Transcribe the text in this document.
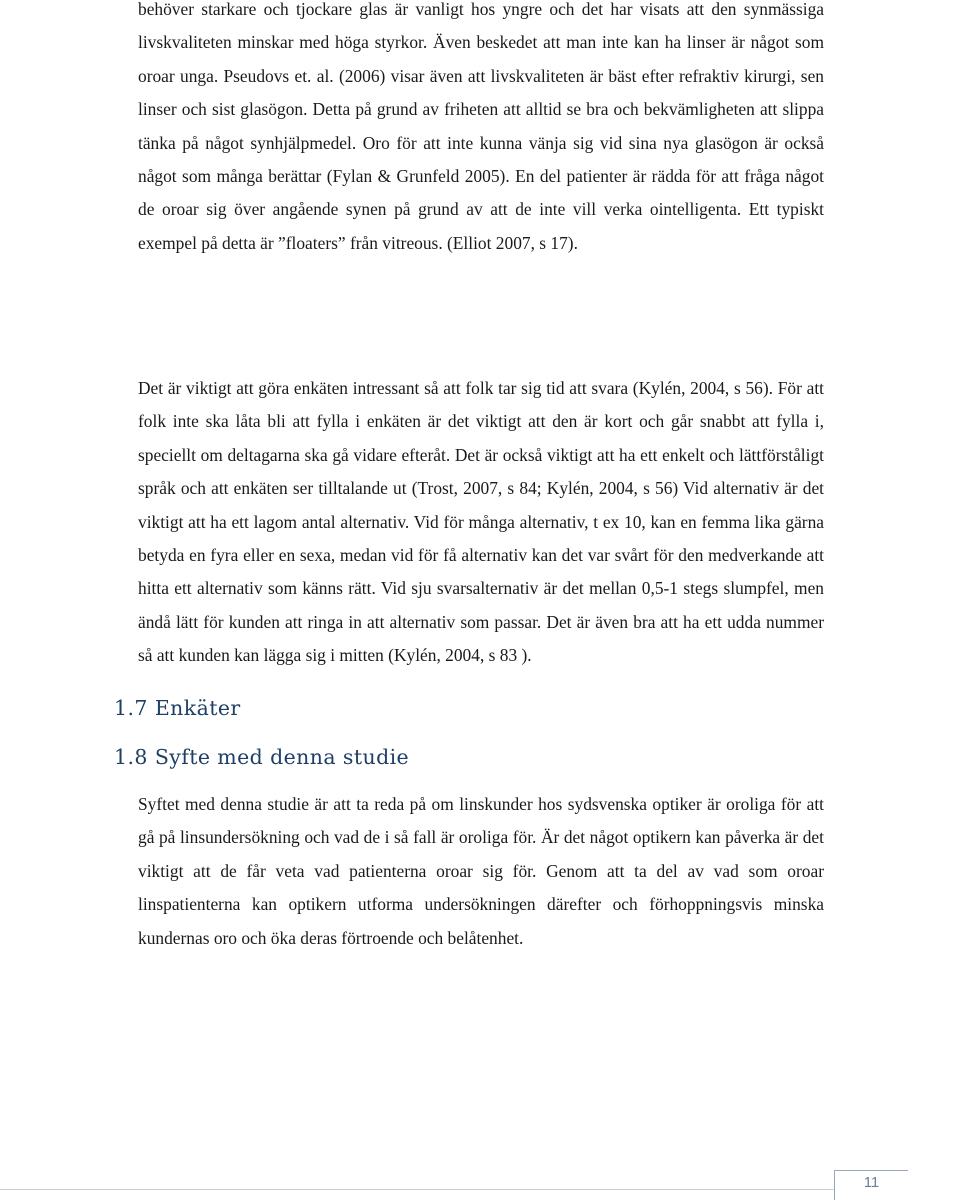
behöver starkare och tjockare glas är vanligt hos yngre och det har visats att den synmässiga livskvaliteten minskar med höga styrkor. Även beskedet att man inte kan ha linser är något som oroar unga. Pseudovs et. al. (2006) visar även att livskvaliteten är bäst efter refraktiv kirurgi, sen linser och sist glasögon. Detta på grund av friheten att alltid se bra och bekvämligheten att slippa tänka på något synhjälpmedel. Oro för att inte kunna vänja sig vid sina nya glasögon är också något som många berättar (Fylan & Grunfeld 2005). En del patienter är rädda för att fråga något de oroar sig över angående synen på grund av att de inte vill verka ointelligenta. Ett typiskt exempel på detta är ”floaters” från vitreous. (Elliot 2007, s 17).

1.7 Enkäter

Det är viktigt att göra enkäten intressant så att folk tar sig tid att svara (Kylén, 2004, s 56). För att folk inte ska låta bli att fylla i enkäten är det viktigt att den är kort och går snabbt att fylla i, speciellt om deltagarna ska gå vidare efteråt. Det är också viktigt att ha ett enkelt och lättförståligt språk och att enkäten ser tilltalande ut (Trost, 2007, s 84; Kylén, 2004, s 56) Vid alternativ är det viktigt att ha ett lagom antal alternativ. Vid för många alternativ, t ex 10, kan en femma lika gärna betyda en fyra eller en sexa, medan vid för få alternativ kan det var svårt för den medverkande att hitta ett alternativ som känns rätt. Vid sju svarsalternativ är det mellan 0,5-1 stegs slumpfel, men ändå lätt för kunden att ringa in att alternativ som passar. Det är även bra att ha ett udda nummer så att kunden kan lägga sig i mitten (Kylén, 2004, s 83 ).

1.8 Syfte med denna studie

Syftet med denna studie är att ta reda på om linskunder hos sydsvenska optiker är oroliga för att gå på linsundersökning och vad de i så fall är oroliga för. Är det något optikern kan påverka är det viktigt att de får veta vad patienterna oroar sig för. Genom att ta del av vad som oroar linspatienterna kan optikern utforma undersökningen därefter och förhoppningsvis minska kundernas oro och öka deras förtroende och belåtenhet.

11
